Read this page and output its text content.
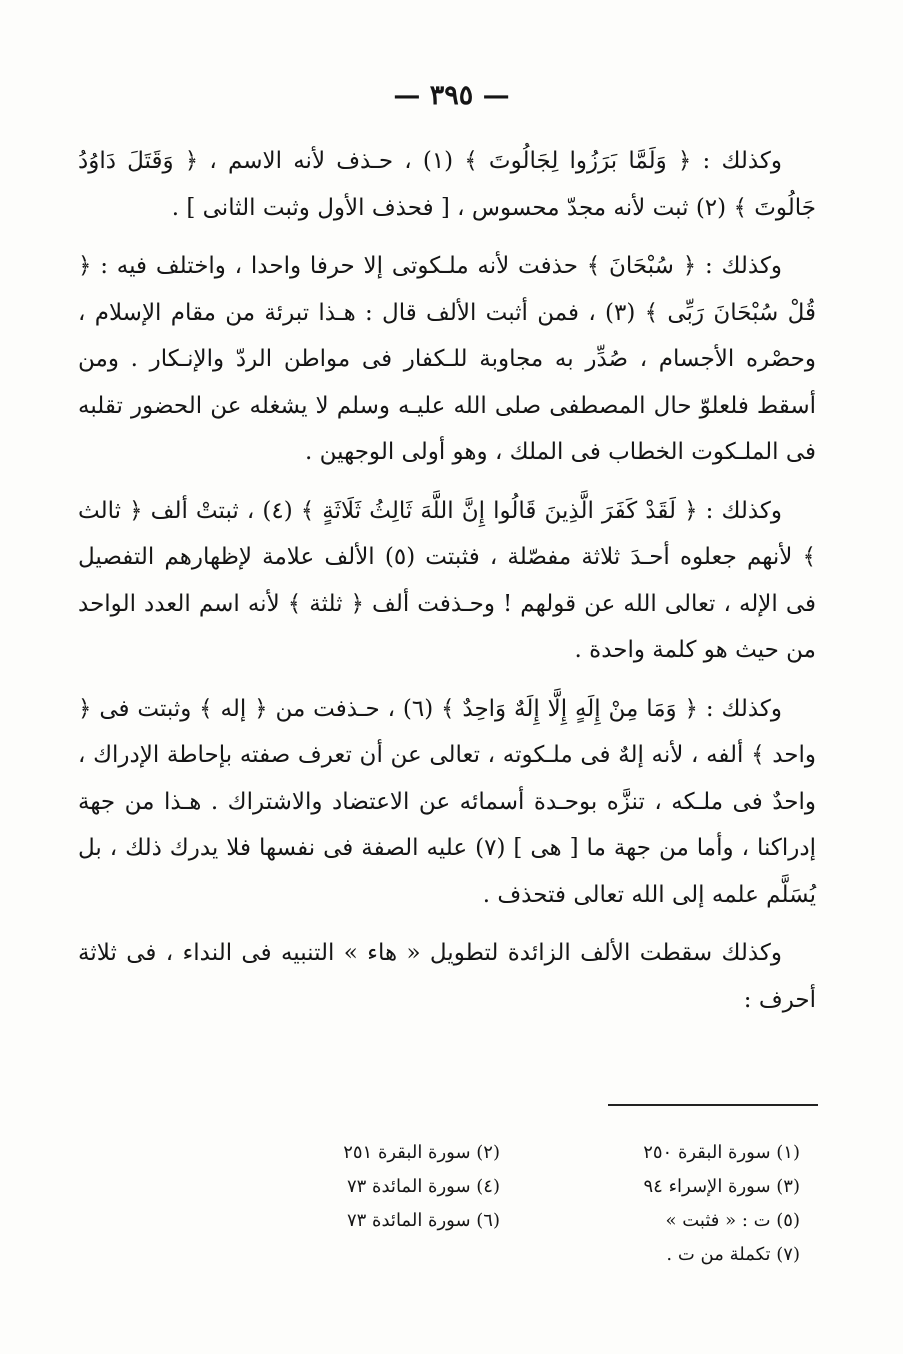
— ٣٩٥ —

وكذلك : ﴿ وَلَمَّا بَرَزُوا لِجَالُوتَ ﴾ (١) ، حـذف لأنه الاسم ، ﴿ وَقَتَلَ دَاوُدُ جَالُوتَ ﴾ (٢) ثبت لأنه مجدّ محسوس ، [ فحذف الأول وثبت الثانى ] .

وكذلك : ﴿ سُبْحَانَ ﴾ حذفت لأنه ملـكوتى إلا حرفا واحدا ، واختلف فيه : ﴿ قُلْ سُبْحَانَ رَبِّى ﴾ (٣) ، فمن أثبت الألف قال : هـذا تبرئة من مقام الإسلام ، وحصْره الأجسام ، صُدِّر به مجاوبة للـكفار فى مواطن الردّ والإنـكار . ومن أسقط فلعلوّ حال المصطفى صلى الله عليـه وسلم لا يشغله عن الحضور تقلبه فى الملـكوت الخطاب فى الملك ، وهو أولى الوجهين .

وكذلك : ﴿ لَقَدْ كَفَرَ الَّذِينَ قَالُوا إِنَّ اللَّهَ ثَالِثُ ثَلَاثَةٍ ﴾ (٤) ، ثبتتْ ألف ﴿ ثالث ﴾ لأنهم جعلوه أحـدَ ثلاثة مفصّلة ، فثبتت (٥) الألف علامة لإظهارهم التفصيل فى الإله ، تعالى الله عن قولهم ! وحـذفت ألف ﴿ ثلثة ﴾ لأنه اسم العدد الواحد من حيث هو كلمة واحدة .

وكذلك : ﴿ وَمَا مِنْ إِلَهٍ إِلَّا إِلَهٌ وَاحِدٌ ﴾ (٦) ، حـذفت من ﴿ إله ﴾ وثبتت فى ﴿ واحد ﴾ ألفه ، لأنه إلهٌ فى ملـكوته ، تعالى عن أن تعرف صفته بإحاطة الإدراك ، واحدٌ فى ملـكه ، تنزَّه بوحـدة أسمائه عن الاعتضاد والاشتراك . هـذا من جهة إدراكنا ، وأما من جهة ما [ هى ] (٧) عليه الصفة فى نفسها فلا يدرك ذلك ، بل يُسَلَّم علمه إلى الله تعالى فتحذف .

وكذلك سقطت الألف الزائدة لتطويل « هاء » التنبيه فى النداء ، فى ثلاثة أحرف :

(١) سورة البقرة ٢٥٠
(٢) سورة البقرة ٢٥١
(٣) سورة الإسراء ٩٤
(٤) سورة المائدة ٧٣
(٥) ت : « فثبت »
(٦) سورة المائدة ٧٣
(٧) تكملة من ت .
